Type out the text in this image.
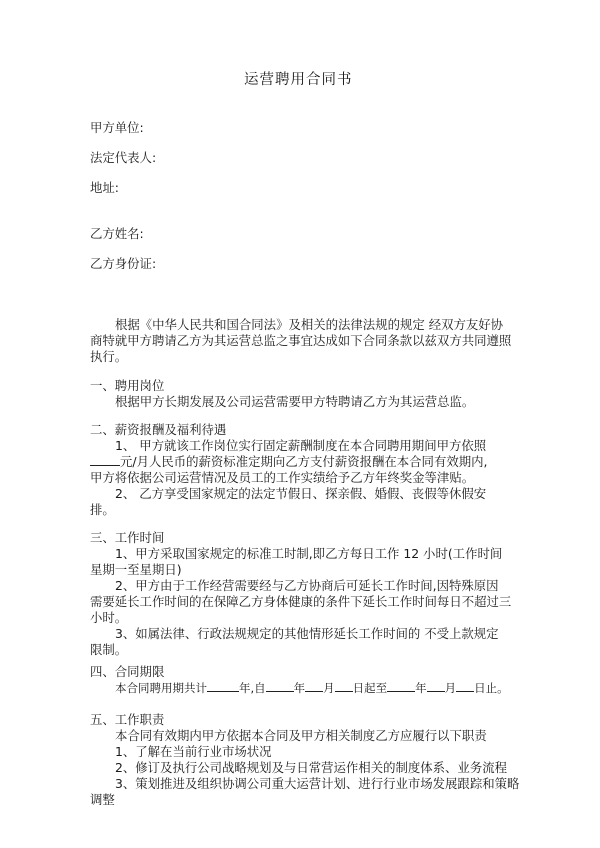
运营聘用合同书
甲方单位:
法定代表人:
地址:
乙方姓名:
乙方身份证:
根据《中华人民共和国合同法》及相关的法律法规的规定 经双方友好协
商特就甲方聘请乙方为其运营总监之事宜达成如下合同条款以兹双方共同遵照
执行。
一、聘用岗位
根据甲方长期发展及公司运营需要甲方特聘请乙方为其运营总监。
二、薪资报酬及福利待遇
1、 甲方就该工作岗位实行固定薪酬制度在本合同聘用期间甲方依照
元/月人民币的薪资标准定期向乙方支付薪资报酬在本合同有效期内,
甲方将依据公司运营情况及员工的工作实绩给予乙方年终奖金等津贴。
2、 乙方享受国家规定的法定节假日、探亲假、婚假、丧假等休假安
排。
三、工作时间
1、甲方采取国家规定的标准工时制,即乙方每日工作 12 小时(工作时间
星期一至星期日)
2、甲方由于工作经营需要经与乙方协商后可延长工作时间,因特殊原因
需要延长工作时间的在保障乙方身体健康的条件下延长工作时间每日不超过三
小时。
3、如属法律、行政法规规定的其他情形延长工作时间的 不受上款规定
限制。
四、合同期限
本合同聘用期共计	年,自 年 月 日起至 年 月 日止。
五、工作职责
本合同有效期内甲方依据本合同及甲方相关制度乙方应履行以下职责
1、了解在当前行业市场状况
2、修订及执行公司战略规划及与日常营运作相关的制度体系、业务流程
3、策划推进及组织协调公司重大运营计划、进行行业市场发展跟踪和策略
调整
